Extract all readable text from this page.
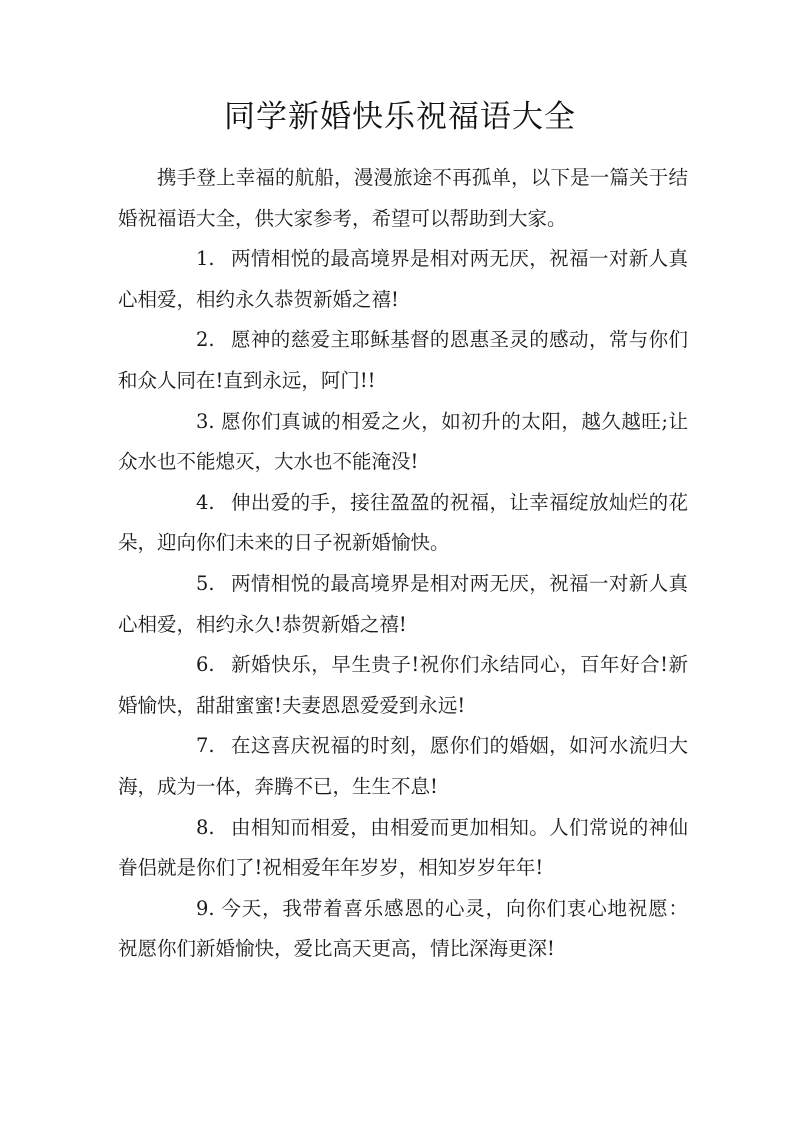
同学新婚快乐祝福语大全

携手登上幸福的航船，漫漫旅途不再孤单，以下是一篇关于结婚祝福语大全，供大家参考，希望可以帮助到大家。

1. 两情相悦的最高境界是相对两无厌，祝福一对新人真心相爱，相约永久恭贺新婚之禧!

2. 愿神的慈爱主耶稣基督的恩惠圣灵的感动，常与你们和众人同在!直到永远，阿门!!

3. 愿你们真诚的相爱之火，如初升的太阳，越久越旺;让众水也不能熄灭，大水也不能淹没!

4. 伸出爱的手，接往盈盈的祝福，让幸福绽放灿烂的花朵，迎向你们未来的日子祝新婚愉快。

5. 两情相悦的最高境界是相对两无厌，祝福一对新人真心相爱，相约永久!恭贺新婚之禧!

6. 新婚快乐，早生贵子!祝你们永结同心，百年好合!新婚愉快，甜甜蜜蜜!夫妻恩恩爱爱到永远!

7. 在这喜庆祝福的时刻，愿你们的婚姻，如河水流归大海，成为一体，奔腾不已，生生不息!

8. 由相知而相爱，由相爱而更加相知。人们常说的神仙眷侣就是你们了!祝相爱年年岁岁，相知岁岁年年!

9. 今天，我带着喜乐感恩的心灵，向你们衷心地祝愿：祝愿你们新婚愉快，爱比高天更高，情比深海更深!
